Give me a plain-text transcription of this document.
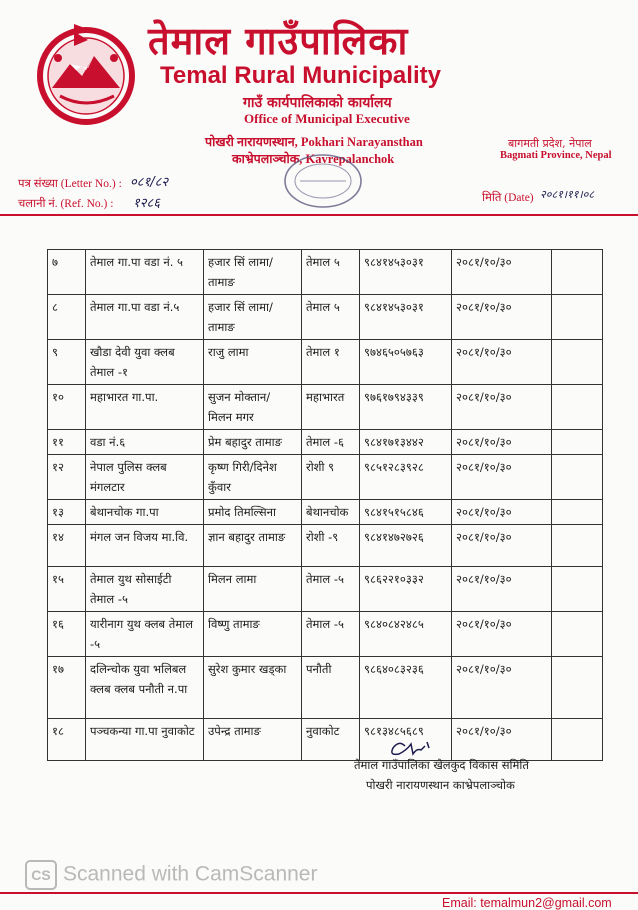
तेमाल गाउँपालिका
Temal Rural Municipality
गाउँ कार्यपालिकाको कार्यालय
Office of Municipal Executive
पोखरी नारायणस्थान, Pokhari Narayansthan
काभ्रेपलाञ्चोक, Kavrepalanchok
बागमती प्रदेश, नेपाल
Bagmati Province, Nepal
पत्र संख्या (Letter No.) : ०८१/८२
चलानी नं. (Ref. No.) : १२८६	मिति (Date) २०८१।११।०८
७	तेमाल गा.पा वडा नं. ५	हजार सिं लामा/तामाङ	तेमाल ५	९८४१४५३०३१	२०८१/१०/३०	
८	तेमाल गा.पा वडा नं.५	हजार सिं लामा/तामाङ	तेमाल ५	९८४१४५३०३१	२०८१/१०/३०	
९	खौडा देवी युवा क्लब तेमाल -१	राजु लामा	तेमाल १	९७४६५०५७६३	२०८१/१०/३०	
१०	महाभारत गा.पा.	सुजन मोक्तान/ मिलन मगर	महाभारत	९७६१७९४३३९	२०८१/१०/३०	
११	वडा नं.६	प्रेम बहादुर तामाङ	तेमाल -६	९८४१७१३४४२	२०८१/१०/३०	
१२	नेपाल पुलिस क्लब मंगलटार	कृष्ण गिरी/दिनेश कुँवार	रोशी ९	९८५१२८३९२८	२०८१/१०/३०	
१३	बेथानचोक गा.पा	प्रमोद तिमल्सिना	बेथानचोक	९८४१५१५८४६	२०८१/१०/३०	
१४	मंगल जन विजय मा.वि.	ज्ञान बहादुर तामाङ	रोशी -९	९८४१४७२७२६	२०८१/१०/३०	
१५	तेमाल युथ सोसाईटी तेमाल -५	मिलन लामा	तेमाल -५	९८६२२१०३३२	२०८१/१०/३०	
१६	यारीनाग युथ क्लब तेमाल -५	विष्णु तामाङ	तेमाल -५	९८४०८४२४८५	२०८१/१०/३०	
१७	दलिन्चोक युवा भलिबल क्लब क्लब पनौती न.पा	सुरेश कुमार खड्का	पनौती	९८६४०८३२३६	२०८१/१०/३०	
१८	पञ्चकन्या गा.पा नुवाकोट	उपेन्द्र तामाङ	नुवाकोट	९८१३४८५६८९	२०८१/१०/३०	
तेमाल गाउँपालिका खेलकुद विकास समिति
पोखरी नारायणस्थान काभ्रेपलाञ्चोक
CS Scanned with CamScanner
Email: temalmun2@gmail.com
